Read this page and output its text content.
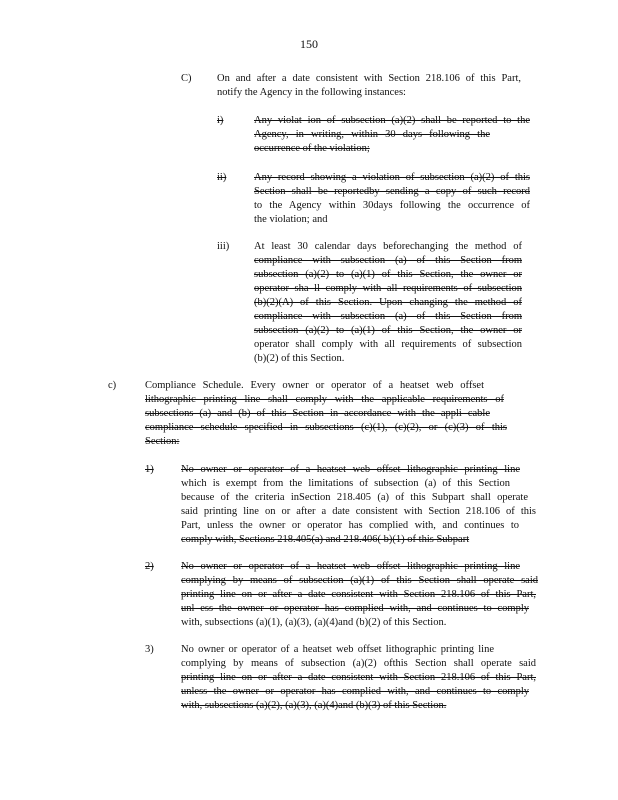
150
C) On and after a date consistent with Section 218.106 of this Part,
notify the Agency in the following instances:
i)	Any violat ion of subsection (a)(2) shall be reported to the
Agency, in writing, within 30 days following the
occurrence of the violation;
ii)	Any record showing a violation of subsection (a)(2) of this
Section shall be reportedby sending a copy of such record
to the Agency within 30days following the occurrence of
the violation; and
iii) At least 30 calendar days beforechanging the method of
compliance with subsection (a) of this Section from
subsection (a)(2) to (a)(1) of this Section, the owner or
operator sha ll comply with all requirements of subsection
(b)(2)(A) of this Section. Upon changing the method of
compliance with subsection (a) of this Section from
subsection (a)(2) to (a)(1) of this Section, the owner or
operator shall comply with all requirements of subsection
(b)(2) of this Section.
c)	Compliance Schedule. Every owner or operator of a heatset web offset
lithographic printing line shall comply with the applicable requirements of
subsections (a) and (b) of this Section in accordance with the appli cable
compliance schedule specified in subsections (c)(1), (c)(2), or (c)(3) of this
Section:
1)	No owner or operator of a heatset web offset lithographic printing line
which is exempt from the limitations of subsection (a) of this Section
because of the criteria inSection 218.405 (a) of this Subpart shall operate
said printing line on or after a date consistent with Section 218.106 of this
Part, unless the owner or operator has complied with, and continues to
comply with, Sections 218.405(a) and 218.406( b)(1) of this Subpart
2)	No owner or operator of a heatset web offset lithographic printing line
complying by means of subsection (a)(1) of this Section shall operate said
printing line on or after a date consistent with Section 218.106 of this Part,
unl ess the owner or operator has complied with, and continues to comply
with, subsections (a)(1), (a)(3), (a)(4)and (b)(2) of this Section.
3)	No owner or operator of a heatset web offset lithographic printing line
complying by means of subsection (a)(2) ofthis Section shall operate said
printing line on or after a date consistent with Section 218.106 of this Part,
unless the owner or operator has complied with, and continues to comply
with, subsections (a)(2), (a)(3), (a)(4)and (b)(3) of this Section.
